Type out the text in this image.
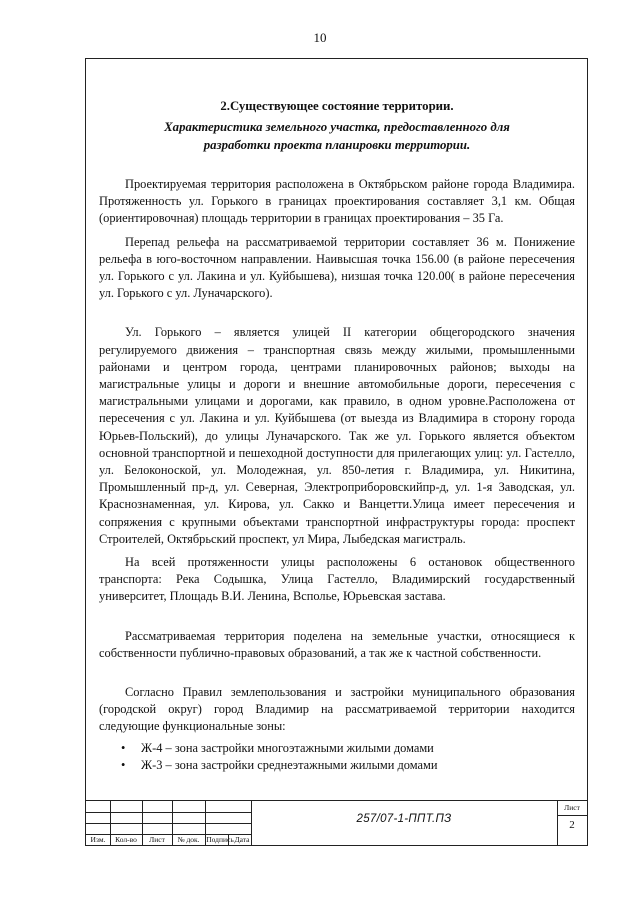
10
2.Существующее состояние территории.
Характеристика земельного участка, предоставленного для
разработки проекта планировки территории.

Проектируемая территория расположена в Октябрьском районе города Владимира. Протяженность ул. Горького в границах проектирования составляет 3,1 км. Общая (ориентировочная) площадь территории в границах проектирования – 35 Га.

Перепад рельефа на рассматриваемой территории составляет 36 м. Понижение рельефа в юго-восточном направлении. Наивысшая точка 156.00 (в районе пересечения ул. Горького с ул. Лакина и ул. Куйбышева), низшая точка 120.00( в районе пересечения ул. Горького с ул. Луначарского).

Ул. Горького – является улицей II категории общегородского значения регулируемого движения – транспортная связь между жилыми, промышленными районами и центром города, центрами планировочных районов; выходы на магистральные улицы и дороги и внешние автомобильные дороги, пересечения с магистральными улицами и дорогами, как правило, в одном уровне.Расположена от пересечения с ул. Лакина и ул. Куйбышева (от выезда из Владимира в сторону города Юрьев-Польский), до улицы Луначарского. Так же ул. Горького является объектом основной транспортной и пешеходной доступности для прилегающих улиц: ул. Гастелло, ул. Белоконоской, ул. Молодежная, ул. 850-летия г. Владимира, ул. Никитина, Промышленный пр-д, ул. Северная, Электроприборовскийпр-д, ул. 1-я Заводская, ул. Краснознаменная, ул. Кирова, ул. Сакко и Ванцетти.Улица имеет пересечения и сопряжения с крупными объектами транспортной инфраструктуры города: проспект Строителей, Октябрьский проспект, ул Мира, Лыбедская магистраль.

На всей протяженности улицы расположены 6 остановок общественного транспорта: Река Содышка, Улица Гастелло, Владимирский государственный университет, Площадь В.И. Ленина, Всполье, Юрьевская застава.

Рассматриваемая территория поделена на земельные участки, относящиеся к собственности публично-правовых образований, а так же к частной собственности.

Согласно Правил землепользования и застройки муниципального образования (городской округ) город Владимир на рассматриваемой территории находится следующие функциональные зоны:

• Ж-4 – зона застройки многоэтажными жилыми домами
• Ж-3 – зона застройки среднеэтажными жилыми домами
Изм.	Кол-во	Лист	№ док. Подпись Дата
257/07-1-ППТ.ПЗ
Лист
2
